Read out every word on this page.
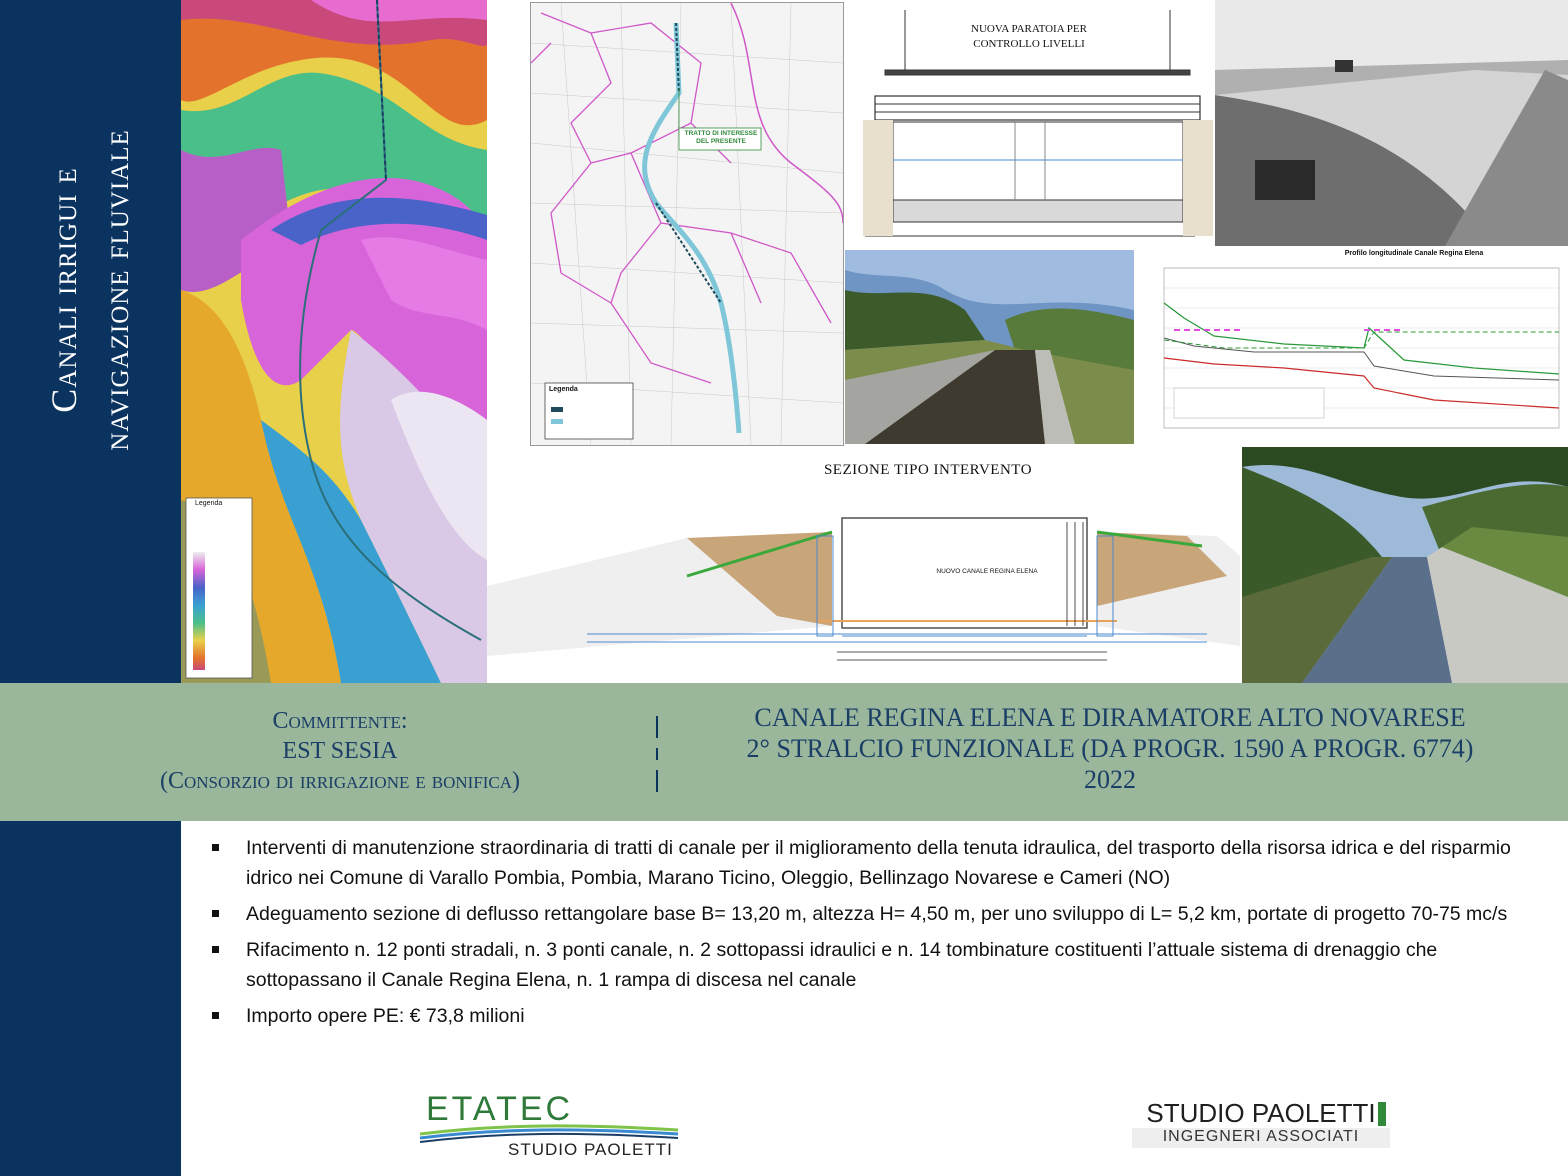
Canali irrigui e navigazione fluviale
Legenda
TRATTO DI INTERESSE
DEL PRESENTE
Legenda
NUOVA PARATOIA PER
CONTROLLO LIVELLI
Profilo longitudinale Canale Regina Elena
SEZIONE TIPO INTERVENTO
NUOVO CANALE REGINA ELENA
Committente:
EST SESIA
(Consorzio di irrigazione e bonifica)
CANALE REGINA ELENA E DIRAMATORE ALTO NOVARESE
2° STRALCIO FUNZIONALE (DA PROGR. 1590 A PROGR. 6774)
2022
Interventi di manutenzione straordinaria di tratti di canale per il miglioramento della tenuta idraulica, del trasporto della risorsa idrica e del risparmio idrico nei Comune di Varallo Pombia, Pombia, Marano Ticino, Oleggio, Bellinzago Novarese e Cameri (NO)
Adeguamento sezione di deflusso rettangolare base B= 13,20 m, altezza H= 4,50 m, per uno sviluppo di L= 5,2 km, portate di progetto 70-75 mc/s
Rifacimento n. 12 ponti stradali, n. 3 ponti canale, n. 2 sottopassi idraulici e n. 14 tombinature costituenti l’attuale sistema di drenaggio che sottopassano il Canale Regina Elena, n. 1 rampa di discesa nel canale
Importo opere PE: € 73,8 milioni
ETATEC
STUDIO PAOLETTI
STUDIO PAOLETTI
INGEGNERI ASSOCIATI
